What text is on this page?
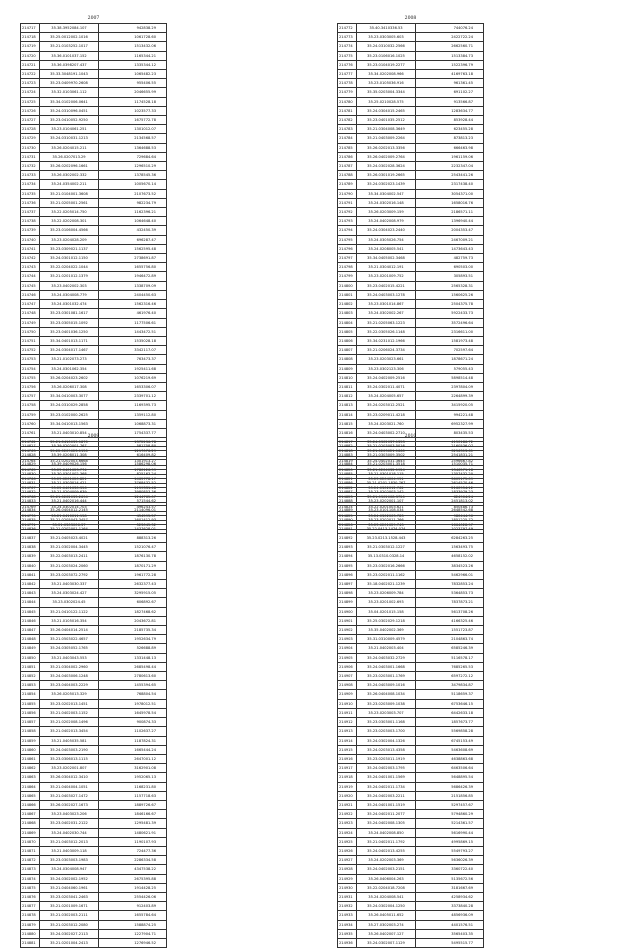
2007
214717	35.38.3952084.107	942838.29
214718	35.25.0012002.1016	1061728.60
214719	35.21.0103252.1017	1513432.06
214720	35.36.0101037.152	1165344.21
214721	35.36.0398207.437	1335344.12
214722	35.33.3048191.1043	1065482.23
214723	35.23.0409970.2608	955406.55
214724	35.32.0103061.112	2046655.99
214725	35.34.0102006.0641	1174528.18
214726	35.24.0310096.0451	1023577.33
214727	35.23.0410052.9250	1675772.78
214728	35.23.0104061.251	1301012.07
214729	35.24.0310031.1213	2134568.57
214730	35.26.0204015.211	1364688.53
214731	35.26.0207013.29	729684.64
214732	35.26.0202096.1661	1296510.29
214733	35.26.0302002.332	1378545.36
214734	35.24.0354002.211	1005670.14
214735	35.21.0104001.3608	2107673.52
214736	35.21.0205001.2561	982234.79
214737	35.22.0205014.750	1162396.21
214738	35.22.0202008.301	1064648.40
214739	35.23.0106004.4566	432450.39
214740	35.23.0204028.209	696287.47
214741	35.23.0309021.1137	1562595.48
214742	35.24.0301012.1150	2738691.87
214743	35.22.0204022.1044	1655756.80
214744	35.21.0201012.1379	1946472.89
214745	35.23.0402002.303	1338709.09
214746	35.24.0304008.779	2404450.63
214747	35.24.0301032.474	1562316.46
214748	35.23.0301081.1617	461976.40
214749	35.23.0305015.1092	1177506.61
214750	35.23.0401036.1250	1443472.51
214751	35.34.0401013.1171	1535028.18
214752	35.24.0304017.1467	3342117.07
214753	35.21.0102073.273	763473.37
214754	35.24.0301062.354	1925411.68
214755	35.26.0204023.2602	1076219.69
214756	35.26.0206017.308	1653306.07
214757	35.34.0410003.3077	2339701.12
214758	35.24.0310029.2858	1169395.73
214759	35.23.0102000.2625	1359112.80
214760	35.34.0410013.1563	1068873.31
214761	35.21.0403010.854	1754337.77
214762	35.21.0410033.1870	1372236.78
214763	35.22.0209023.1150	1217076.29
214764	35.21.0202003.6668	1301913.27
214765	35.25.0401023.774	1780126.99
214766	35.25.0201020.821	1465778.17
214767	35.22.0401030.356	1159331.48
214768	35.21.0202033.2694	1244765.07
214769	35.24.0302014.703	496243.57
214770	35.21.0410011.158	454595.57
214771	35.21.0303006.37	523045.32
2008
214772	35.40.3410336.53	744076.24
214773	35.23.0303005.603	2422722.24
214774	35.24.0310032.2566	2662560.71
214775	35.23.0106016.1025	1513384.73
214776	35.23.0104019.2277	1522396.79
214777	35.34.0202008.966	4169763.18
214778	35.23.0105036.916	961361.45
214779	35.35.0203004.3344	691102.27
214780	35.25.0210028.575	913566.87
214781	35.24.0304015.2465	1283634.77
214782	35.23.0401035.2512	853928.44
214783	35.21.0304008.3649	623455.28
214784	35.21.0403009.2264	873813.23
214785	35.26.0202013.3356	666463.98
214786	35.26.0402009.2764	1961159.06
214787	35.24.0302028.3624	2232347.04
214788	35.26.0301019.2665	2543441.26
214789	35.24.0302023.1439	2317438.40
214790	35.34.0304002.547	3054371.00
214791	35.24.0302016.148	1658016.76
214792	35.26.0203009.159	2186571.11
214793	35.24.0402008.979	1396940.44
214794	35.24.0304023.2440	2004353.47
214795	35.24.0305026.754	2467009.21
214796	35.24.0208005.541	1473643.43
214797	35.34.0405002.3468	482759.73
214798	35.21.0304012.191	690503.00
214799	35.23.0201009.752	305893.51
214800	35.23.0402015.4221	2565328.31
214801	35.24.0403003.1278	1560625.26
214802	35.23.0301014.867	2504375.78
214803	35.24.0302002.267	5922433.73
214804	35.21.0205063.1223	3572496.64
214805	35.22.0305026.1148	2316611.00
214806	35.34.0231012.1966	1581973.48
214807	35.21.0206024.3734	702597.64
214808	35.23.0203023.661	1878671.24
214809	35.23.0302123.306	579055.43
214810	35.24.0402009.2516	5898514.48
214811	35.24.0302011.4071	2397804.09
214812	35.24.0204005.657	2264899.39
214813	35.24.0203012.2521	3415920.05
214814	35.23.0209011.4218	994221.48
214815	35.24.0203021.760	6952327.99
214816	35.24.0403002.2710	803435.53
214817	35.24.0302037.1353	4150186.72
214818	35.21.0203021.1660	3256313.61
214819	35.24.0402031.3645	2596667.82
214820	35.21.0204032.1924	1346571.18
214821	35.23.0204004.951	3605175.09
214822	35.24.0302012.762	2160954.12
214823	35.21.0302008.3720	624904.24
214824	35.22.0201003.621	850486.73
214825	35.24.0302003.783	980444.90
214826	35.23.0201029.743	1664028.97
2009
214827	35.39.0202001.767	581758.80
214828	35.39.0208011.308	616409.82
214829	35.39.0409026.156	1586298.06
214830	35.30.0301002.368	825163.24
214831	35.21.0303014.421	3768432.52
214832	35.21.0204009.639	3980853.36
214833	35.21.0402016.444	571544.62
214834	35.26.0404012.2145	2114096.01
214835	35.21.0205043.3457	1601412.93
214836	35.21.0202001.1164	1437628.01
214837	35.21.0405023.4021	888313.26
214838	35.21.0302004.3445	1521076.47
214839	35.22.0403013.2411	1876130.78
214840	35.21.0203024.2060	1870171.29
214841	35.23.0203072.2792	1961772.28
214842	35.21.0403030.337	2632377.43
214843	35.24.0303024.427	3295915.05
214844	35.23.0302024.45	606892.67
214845	35.21.0410122.1122	1827468.62
214846	35.21.0105016.354	2043672.81
214847	35.26.0404014.2514	2185735.34
214848	35.21.0503022.4657	1952634.79
214849	35.24.0305052.1765	526688.89
214850	35.21.0403043.553	1331448.13
214851	35.21.0304002.2960	2685498.44
214852	35.24.0403006.1248	2780613.60
214853	35.23.0404003.2229	1455394.65
214854	35.26.0205013.329	768804.54
214855	35.23.0202013.1451	1978012.51
214856	35.21.0402003.1152	1645978.54
214857	35.21.0202008.1496	900874.33
214858	35.21.0402013.3454	1102637.27
214859	35.21.0405035.581	1187824.31
214860	35.24.0403003.2190	1665444.24
214861	35.23.0306013.1115	2647001.12
214862	35.23.0202001.807	3162901.08
214863	35.26.0304012.3410	1952065.13
214864	35.21.0404004.1051	1168231.80
214865	35.21.0403027.1472	1157718.63
214866	35.26.0302027.1673	1889726.67
214867	35.23.0403023.206	1846166.67
214868	35.23.0402031.2122	1295481.39
214869	35.24.0402030.744	1480621.91
214870	35.21.0403012.2013	1190107.93
214871	35.21.0403009.118	724477.36
214872	35.23.0303003.1983	2286334.58
214873	35.24.0304008.947	4347538.22
214874	35.24.0302002.1952	2675395.88
214875	35.21.0404060.1961	1914428.25
214876	35.23.0203041.2463	2554426.06
214877	35.21.0201009.1671	912403.89
214878	35.21.0302003.2111	1655784.64
214879	35.21.0203012.2080	1588874.25
214880	35.24.0302027.2113	1227904.71
214881	35.21.0201004.2413	1276946.52
2010
214882	35.21.0203003.5016	2160536.07
214883	35.21.0303009.3502	2541831.21
214884	35.21.0203001.3518	1510035.71
214885	35.21.0301018.115	1357432.20
214886	35.21.0201.1830.767	2614570.46
214887	35.23.0202003.142	1833979.23
214888	35.23.0202001.107	2451813.02
214889	35.23.0101108.034	2648542.68
214890	35.23.0202011.766	1851225.72
214891	35.22.0413.1474.074	1023797.49
214892	35.23.0213.1528.443	6284263.25
214893	35.21.0303012.1227	1563493.75
214894	35.13.0310.0328.14	4658152.02
214895	35.23.0302016.2666	3834523.26
214896	35.23.0202011.1162	5462966.01
214897	35.18.0402021.1239	7832853.24
214898	35.23.0206009.784	5364853.73
214899	35.23.0201002.693	7837873.21
214900	35.04.0201015.158	5613708.26
214901	35.25.0302029.1218	4166325.46
214902	35.35.0402002.369	1551723.87
214903	35.31.0310009.4579	2104863.74
214904	35.21.0402003.404	6585246.39
214905	35.24.0403032.2729	5116578.17
214906	35.24.0403001.1668	7685265.53
214907	35.23.0203001.1769	6597272.12
214908	35.24.0403009.1016	3479834.87
214909	35.26.0404008.1034	5118659.37
214910	35.23.0203009.1038	6753646.15
214911	35.23.0203003.707	6442633.18
214912	35.23.0303001.1168	1857673.77
214913	35.23.0203003.1700	5569858.28
214914	35.24.0302004.1326	6745153.49
214915	35.24.0203013.4358	5463608.69
214916	35.23.0203011.1919	4638863.68
214917	35.24.0402003.1795	6463506.64
214918	35.24.0401001.1569	5648895.54
214919	35.24.0402011.1734	5686426.39
214920	35.24.0402003.2211	2151856.85
214921	35.24.0401001.1519	5297457.67
214922	35.24.0402011.2077	5794860.29
214923	35.24.0402008.1305	5214361.57
214924	35.24.0402008.850	5616990.44
214925	35.21.0402011.1792	4995869.15
214926	35.24.0402013.4255	5549793.27
214927	35.24.0202003.369	5636026.39
214928	35.24.0402003.2151	3360722.40
214929	35.26.0406004.263	5135672.56
214930	35.22.0204018.7208	3181667.69
214931	35.24.0204008.541	4258934.62
214932	35.24.0302004.1250	3373840.28
214933	35.26.0405011.652	4856936.09
214934	35.27.0302003.274	4401576.51
214935	35.26.0402007.127	3565403.35
214936	35.24.0302007.1129	5495515.77
